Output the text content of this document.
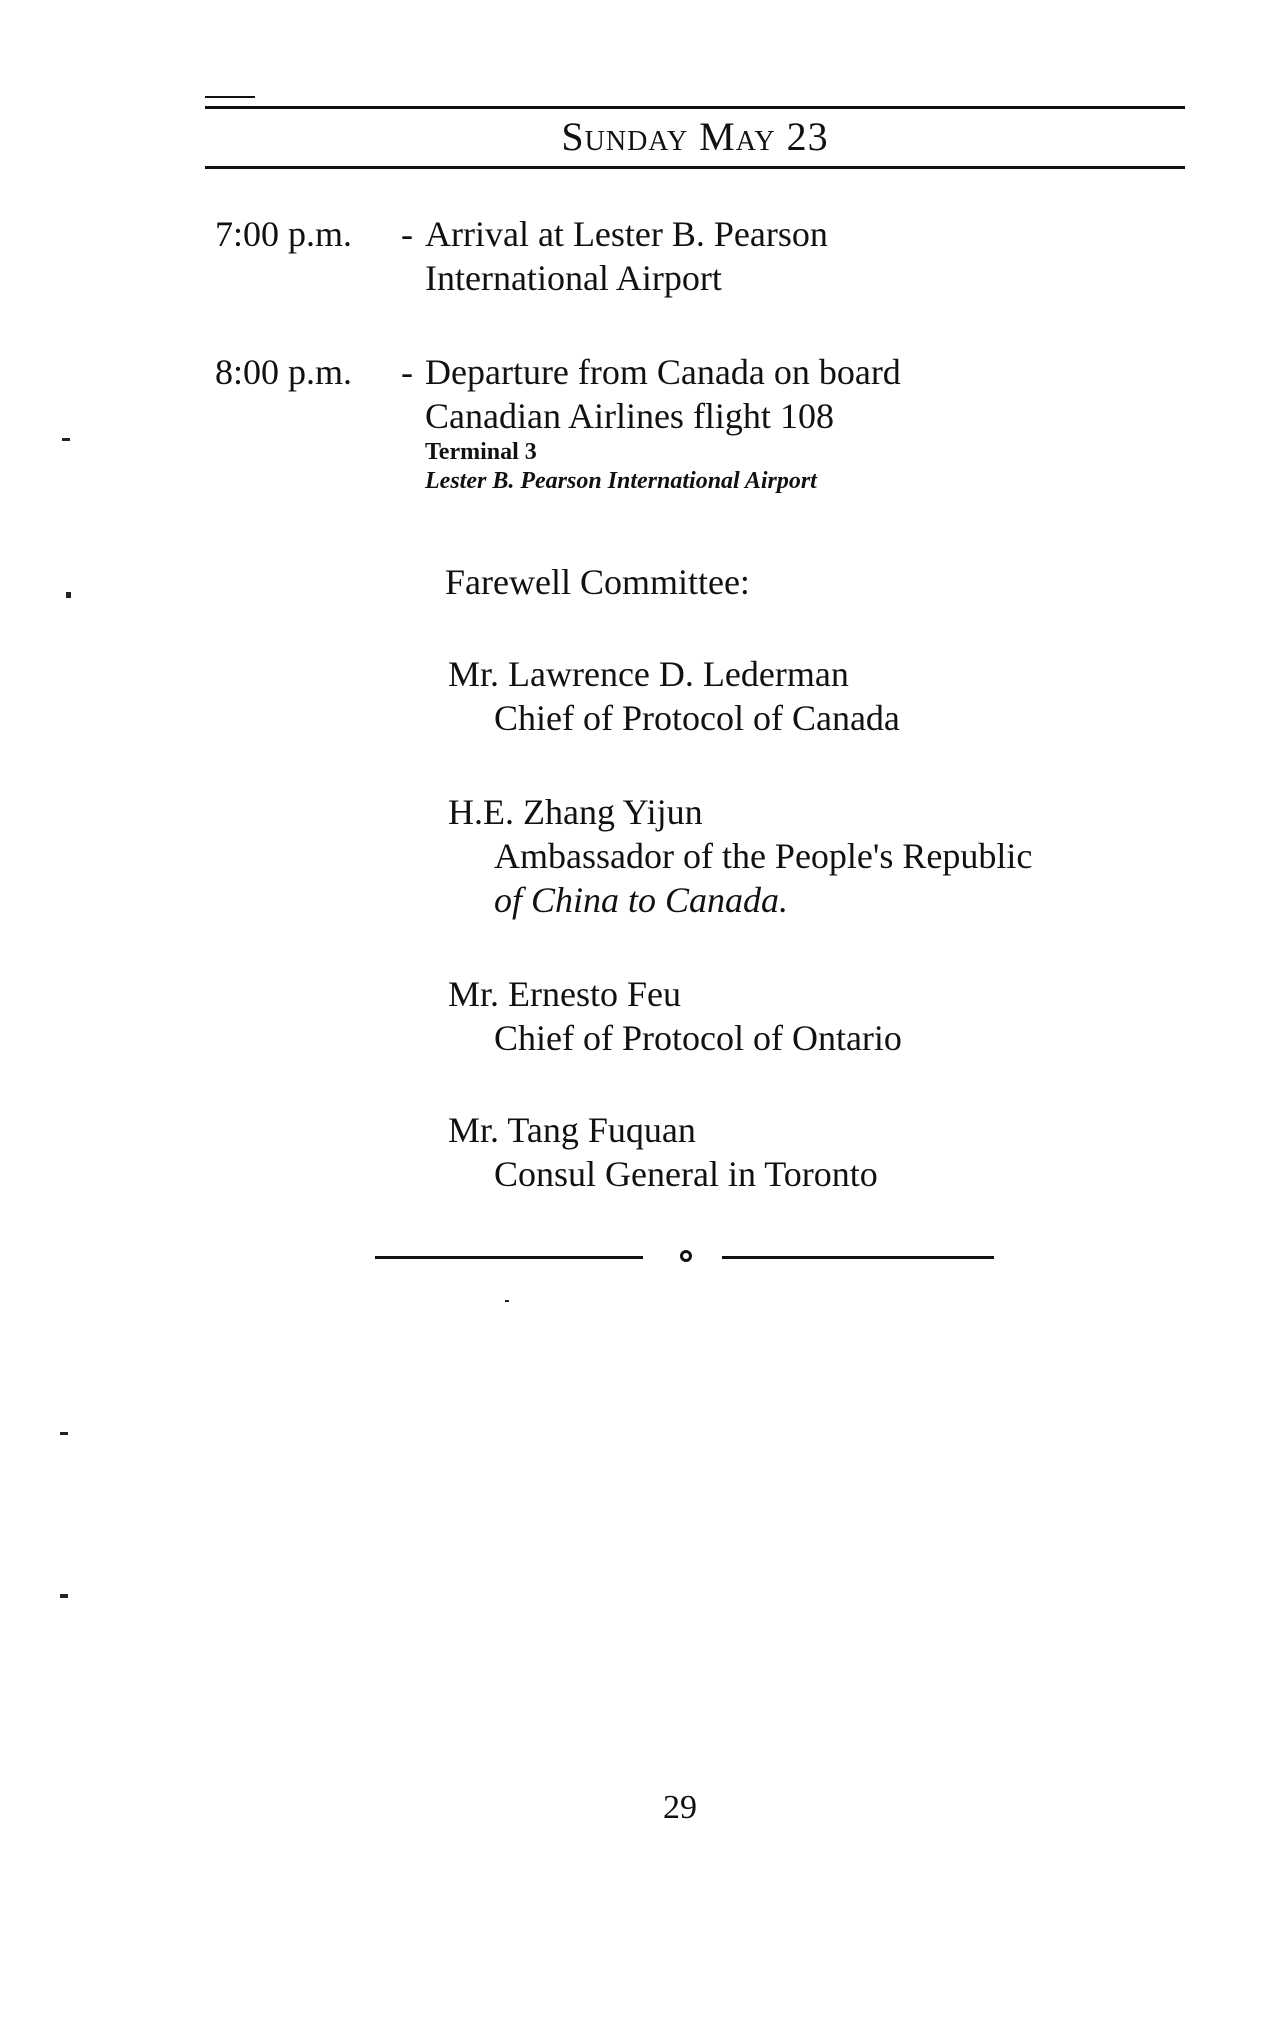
Sunday May 23
7:00 p.m.	- Arrival at Lester B. Pearson
International Airport
8:00 p.m.	- Departure from Canada on board
Canadian Airlines flight 108
Terminal 3
Lester B. Pearson International Airport
Farewell Committee:
Mr. Lawrence D. Lederman
Chief of Protocol of Canada
H.E. Zhang Yijun
Ambassador of the People's Republic
of China to Canada.
Mr. Ernesto Feu
Chief of Protocol of Ontario
Mr. Tang Fuquan
Consul General in Toronto
29
